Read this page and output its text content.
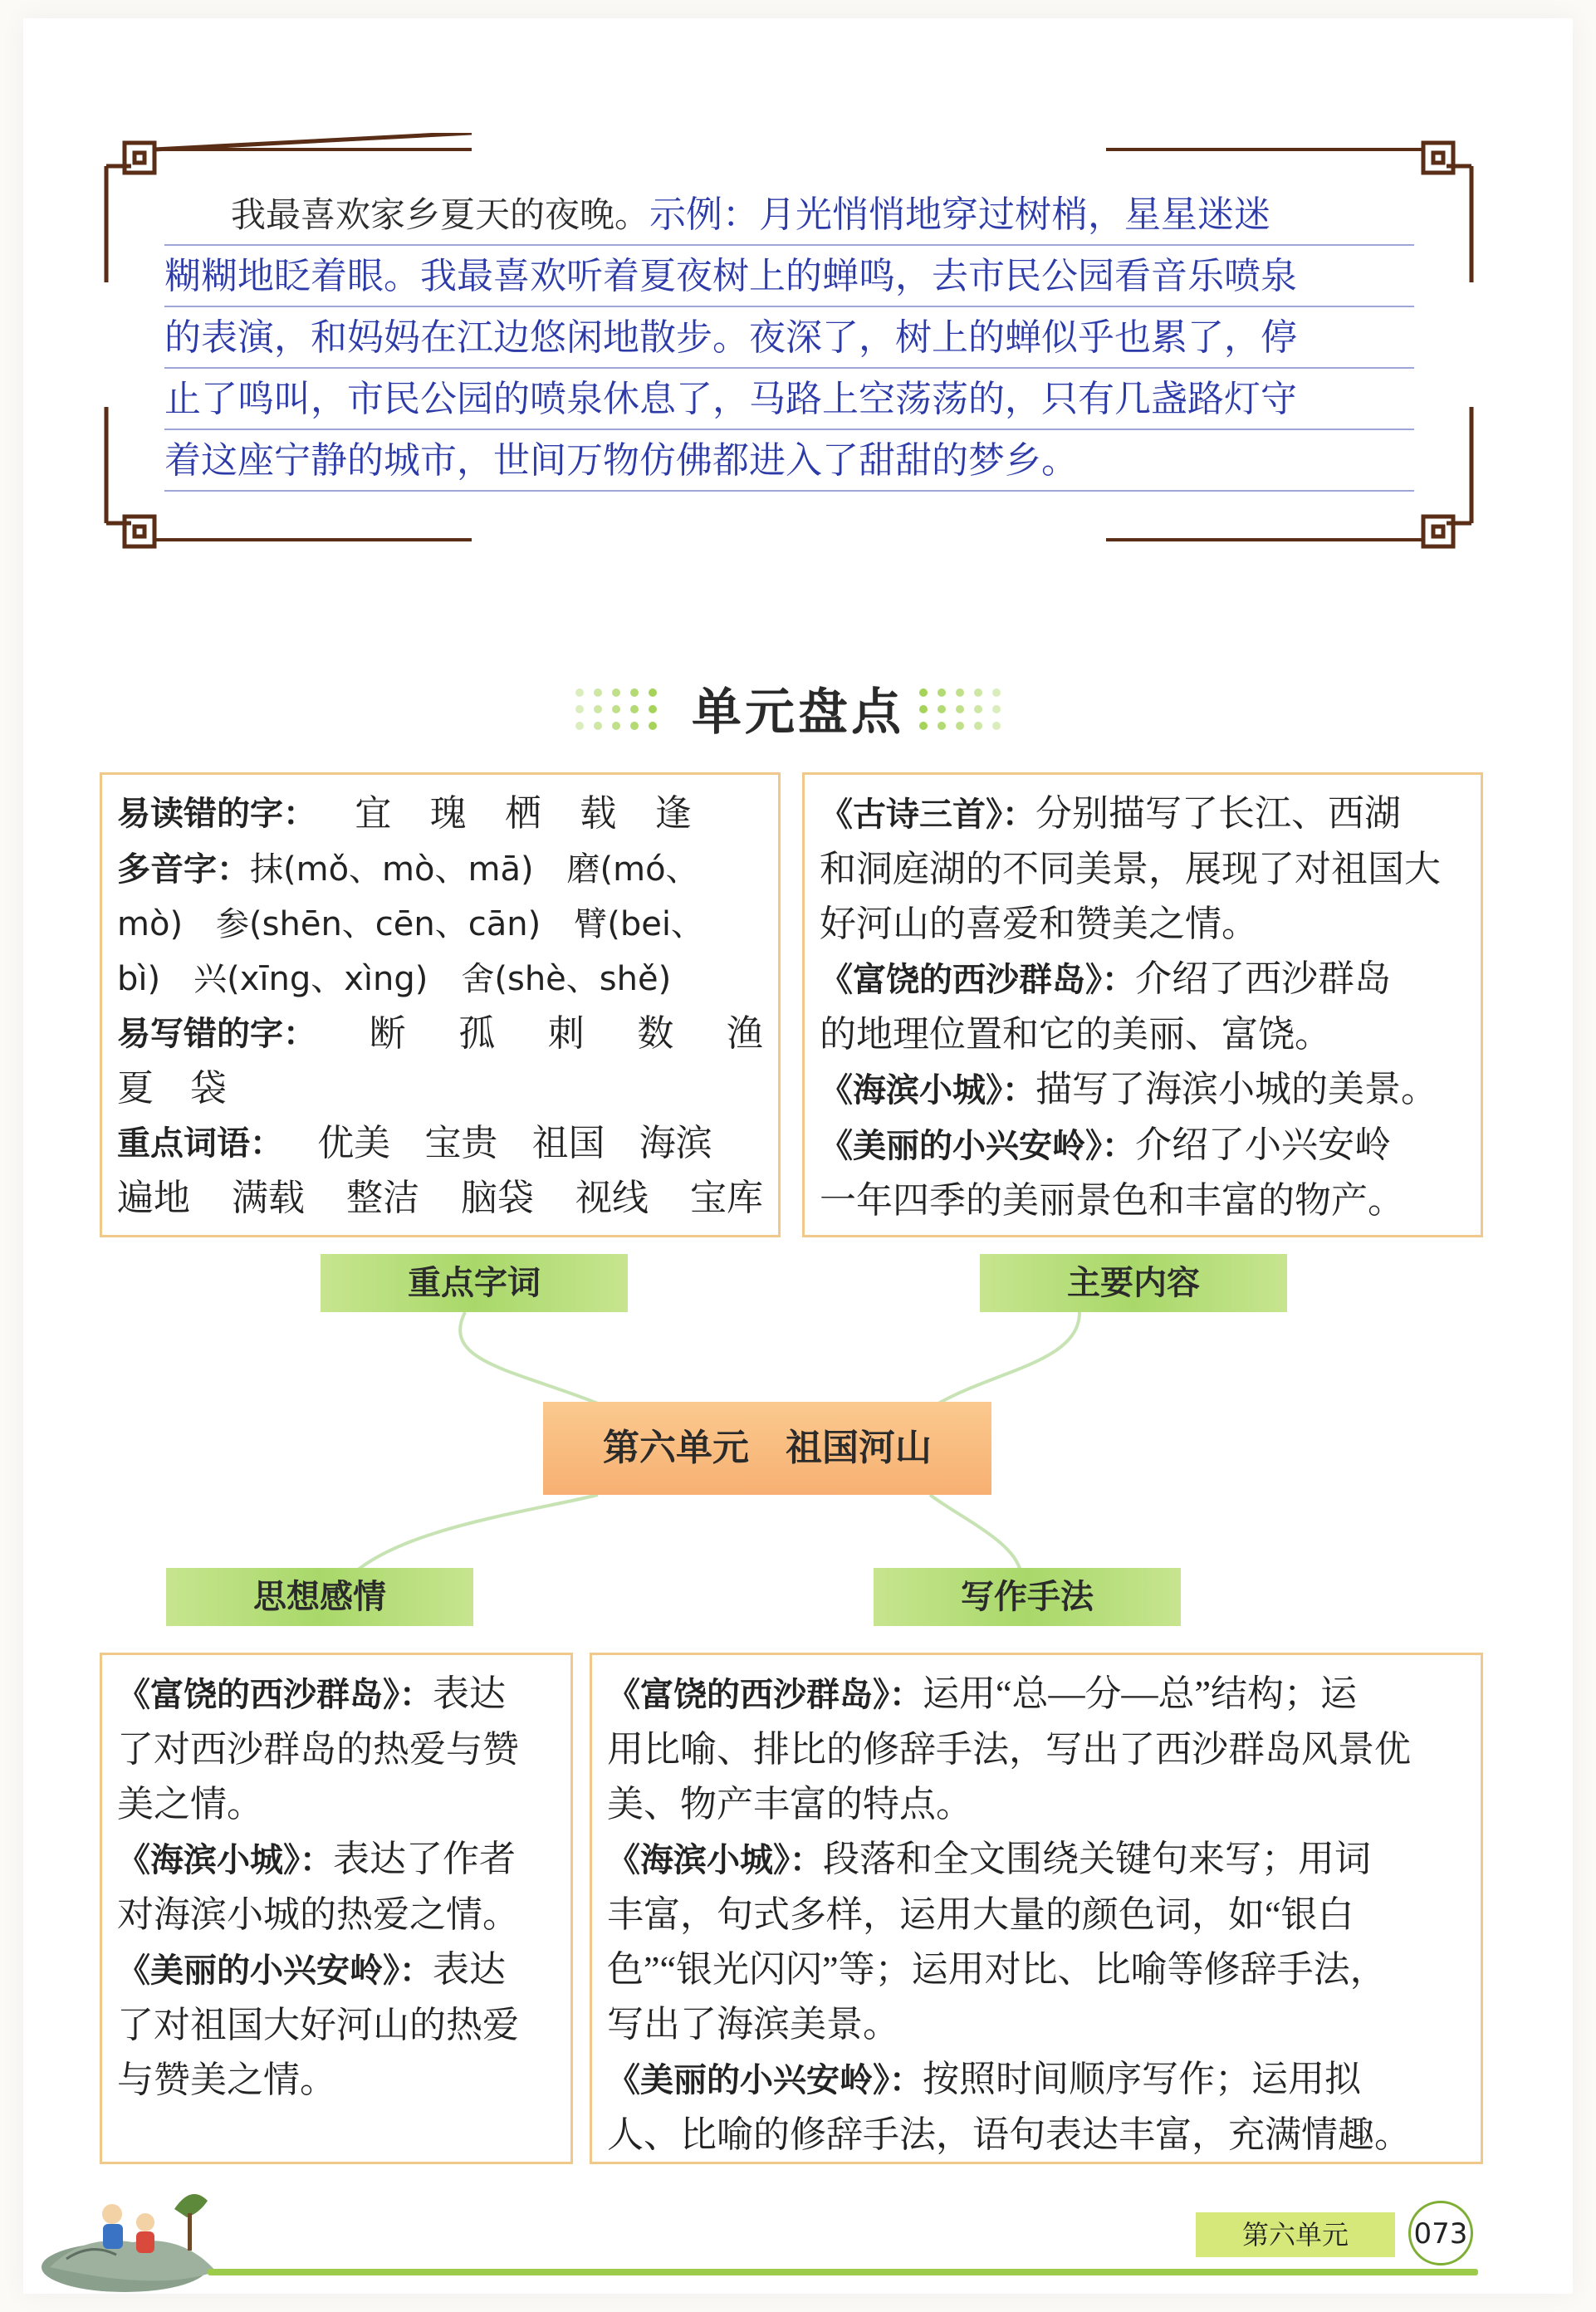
我最喜欢家乡夏天的夜晚。示例：月光悄悄地穿过树梢，星星迷迷
糊糊地眨着眼。我最喜欢听着夏夜树上的蝉鸣，去市民公园看音乐喷泉
的表演，和妈妈在江边悠闲地散步。夜深了，树上的蝉似乎也累了，停
止了鸣叫，市民公园的喷泉休息了，马路上空荡荡的，只有几盏路灯守
着这座宁静的城市，世间万物仿佛都进入了甜甜的梦乡。
单元盘点
易读错的字： 宜 瑰 栖 载 逢
多音字：抹(mǒ、mò、mā)　磨(mó、
mò)　参(shēn、cēn、cān)　臂(bei、
bì)　兴(xīng、xìng)　舍(shè、shě)
易写错的字： 断 孤 刺 数 渔
夏 袋
重点词语： 优美 宝贵 祖国 海滨
遍地 满载 整洁 脑袋 视线 宝库
《古诗三首》：分别描写了长江、西湖
和洞庭湖的不同美景，展现了对祖国大
好河山的喜爱和赞美之情。
《富饶的西沙群岛》：介绍了西沙群岛
的地理位置和它的美丽、富饶。
《海滨小城》：描写了海滨小城的美景。
《美丽的小兴安岭》：介绍了小兴安岭
一年四季的美丽景色和丰富的物产。
重点字词	主要内容
第六单元　祖国河山
思想感情	写作手法
《富饶的西沙群岛》：表达
了对西沙群岛的热爱与赞
美之情。
《海滨小城》：表达了作者
对海滨小城的热爱之情。
《美丽的小兴安岭》：表达
了对祖国大好河山的热爱
与赞美之情。
《富饶的西沙群岛》：运用“总—分—总”结构；运
用比喻、排比的修辞手法，写出了西沙群岛风景优
美、物产丰富的特点。
《海滨小城》：段落和全文围绕关键句来写；用词
丰富，句式多样，运用大量的颜色词，如“银白
色”“银光闪闪”等；运用对比、比喻等修辞手法，
写出了海滨美景。
《美丽的小兴安岭》：按照时间顺序写作；运用拟
人、比喻的修辞手法，语句表达丰富，充满情趣。
第六单元	073
